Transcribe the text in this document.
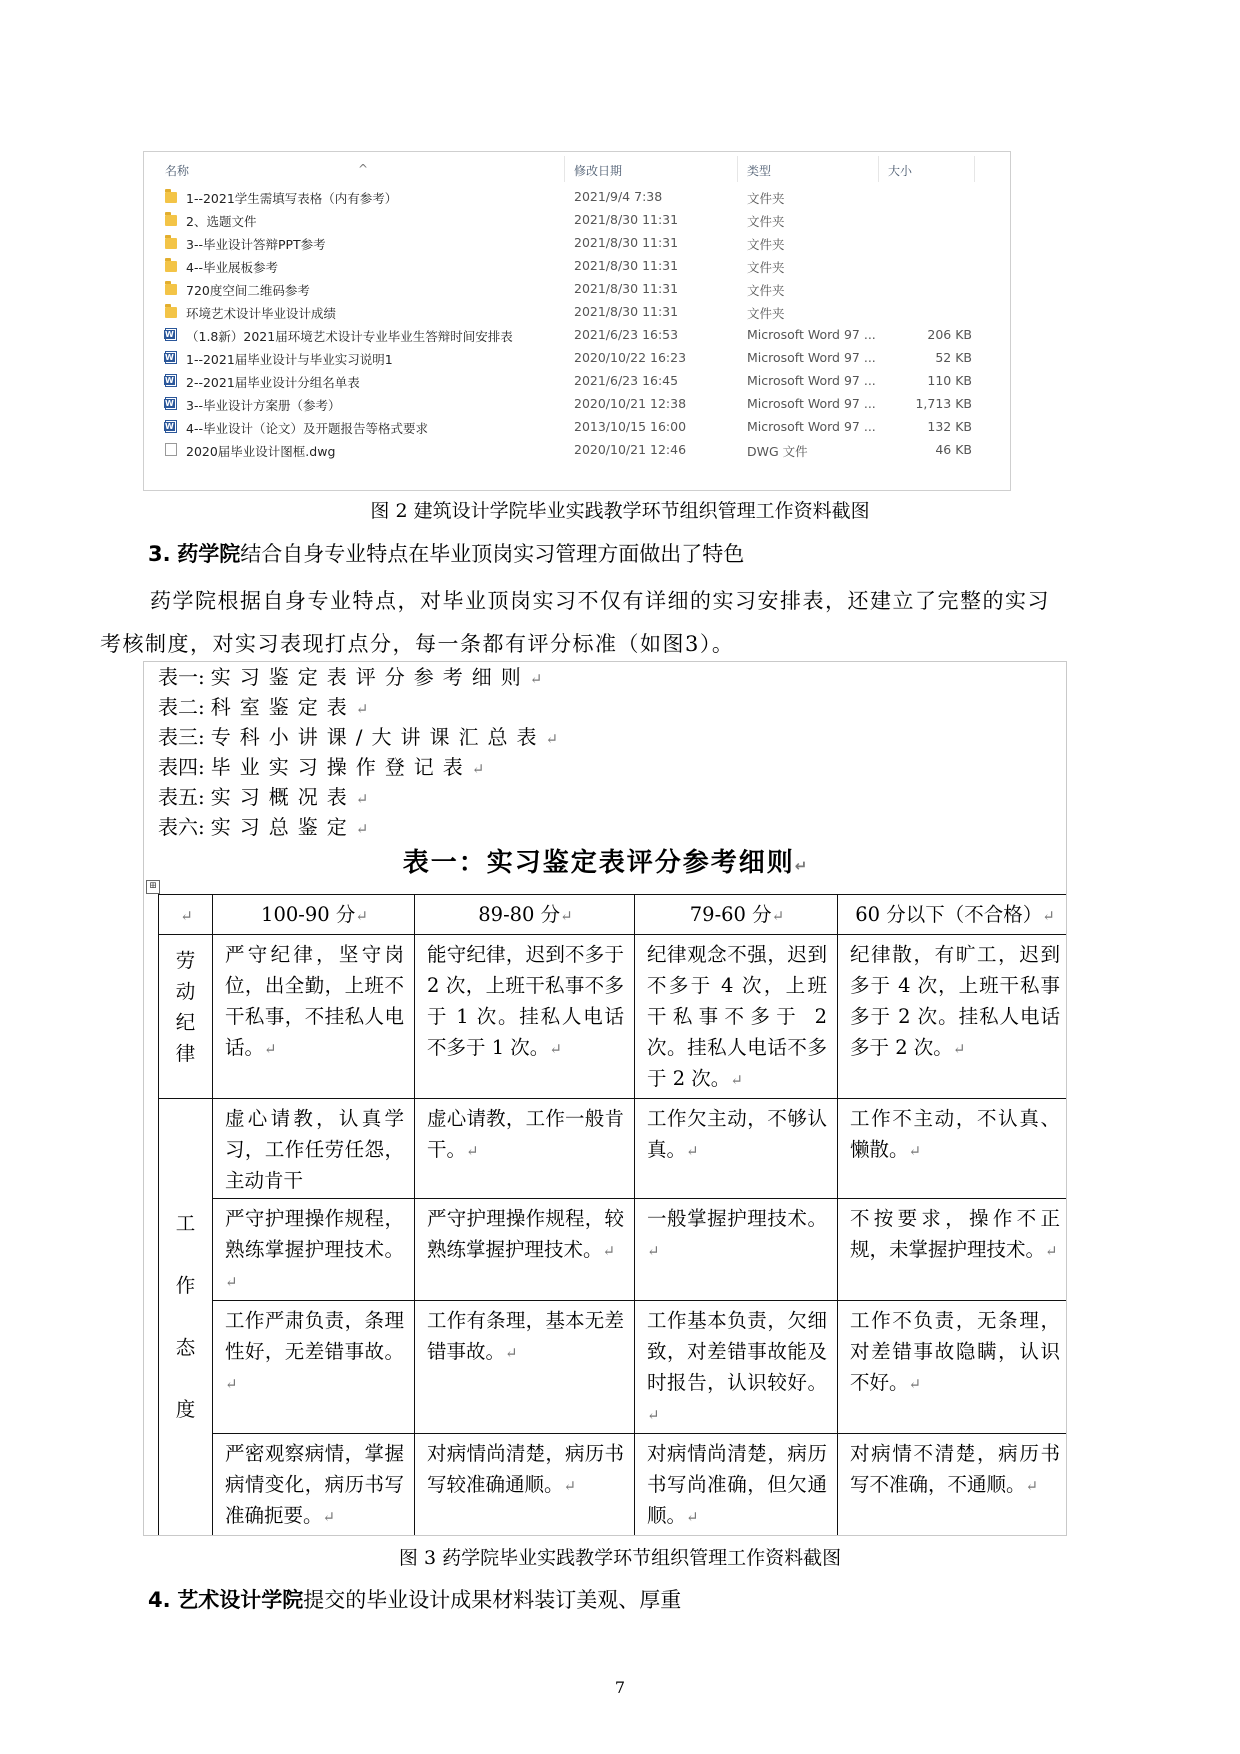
^
名称	修改日期	类型	大小
1--2021学生需填写表格（内有参考）	2021/9/4 7:38	文件夹
2、选题文件	2021/8/30 11:31	文件夹
3--毕业设计答辩PPT参考	2021/8/30 11:31	文件夹
4--毕业展板参考	2021/8/30 11:31	文件夹
720度空间二维码参考	2021/8/30 11:31	文件夹
环境艺术设计毕业设计成绩	2021/8/30 11:31	文件夹
W
（1.8新）2021届环境艺术设计专业毕业生答辩时间安排表	2021/6/23 16:53	Microsoft Word 97 ...	206 KB
W
1--2021届毕业设计与毕业实习说明1	2020/10/22 16:23	Microsoft Word 97 ...	52 KB
W
2--2021届毕业设计分组名单表	2021/6/23 16:45	Microsoft Word 97 ...	110 KB
W
3--毕业设计方案册（参考）	2020/10/21 12:38	Microsoft Word 97 ...	1,713 KB
W
4--毕业设计（论文）及开题报告等格式要求	2013/10/15 16:00	Microsoft Word 97 ...	132 KB
2020届毕业设计图框.dwg	2020/10/21 12:46	DWG 文件	46 KB
图 2 建筑设计学院毕业实践教学环节组织管理工作资料截图
3. 药学院结合自身专业特点在毕业顶岗实习管理方面做出了特色
药学院根据自身专业特点，对毕业顶岗实习不仅有详细的实习安排表，还建立了完整的实习
考核制度，对实习表现打点分，每一条都有评分标准（如图3）。
表一: 实习鉴定表评分参考细则↵
表二: 科室鉴定表↵
表三: 专科小讲课/大讲课汇总表↵
表四: 毕业实习操作登记表↵
表五: 实习概况表↵
表六: 实习总鉴定↵
表一：实习鉴定表评分参考细则↵
⊞
↵	100-90 分↵	89-80 分↵	79-60 分↵	60 分以下（不合格）↵
劳动纪律	严守纪律，坚守岗位，出全勤，上班不干私事，不挂私人电话。↵	能守纪律，迟到不多于 2 次，上班干私事不多于 1 次。挂私人电话不多于 1 次。↵	纪律观念不强，迟到不多于 4 次，上班干私事不多于 2 次。挂私人电话不多于 2 次。↵	纪律散，有旷工，迟到多于 4 次，上班干私事多于 2 次。挂私人电话多于 2 次。↵
工作态度	虚心请教，认真学习，工作任劳任怨，主动肯干	虚心请教，工作一般肯干。↵	工作欠主动，不够认真。↵	工作不主动，不认真、懒散。↵
	严守护理操作规程，熟练掌握护理技术。↵	严守护理操作规程，较熟练掌握护理技术。↵	一般掌握护理技术。↵	不按要求，操作不正规，未掌握护理技术。↵
	工作严肃负责，条理性好，无差错事故。↵	工作有条理，基本无差错事故。↵	工作基本负责，欠细致，对差错事故能及时报告，认识较好。↵	工作不负责，无条理，对差错事故隐瞒，认识不好。↵
	严密观察病情，掌握病情变化，病历书写准确扼要。↵	对病情尚清楚，病历书写较准确通顺。↵	对病情尚清楚，病历书写尚准确，但欠通顺。↵	对病情不清楚，病历书写不准确，不通顺。↵
图 3 药学院毕业实践教学环节组织管理工作资料截图
4. 艺术设计学院提交的毕业设计成果材料装订美观、厚重
7
